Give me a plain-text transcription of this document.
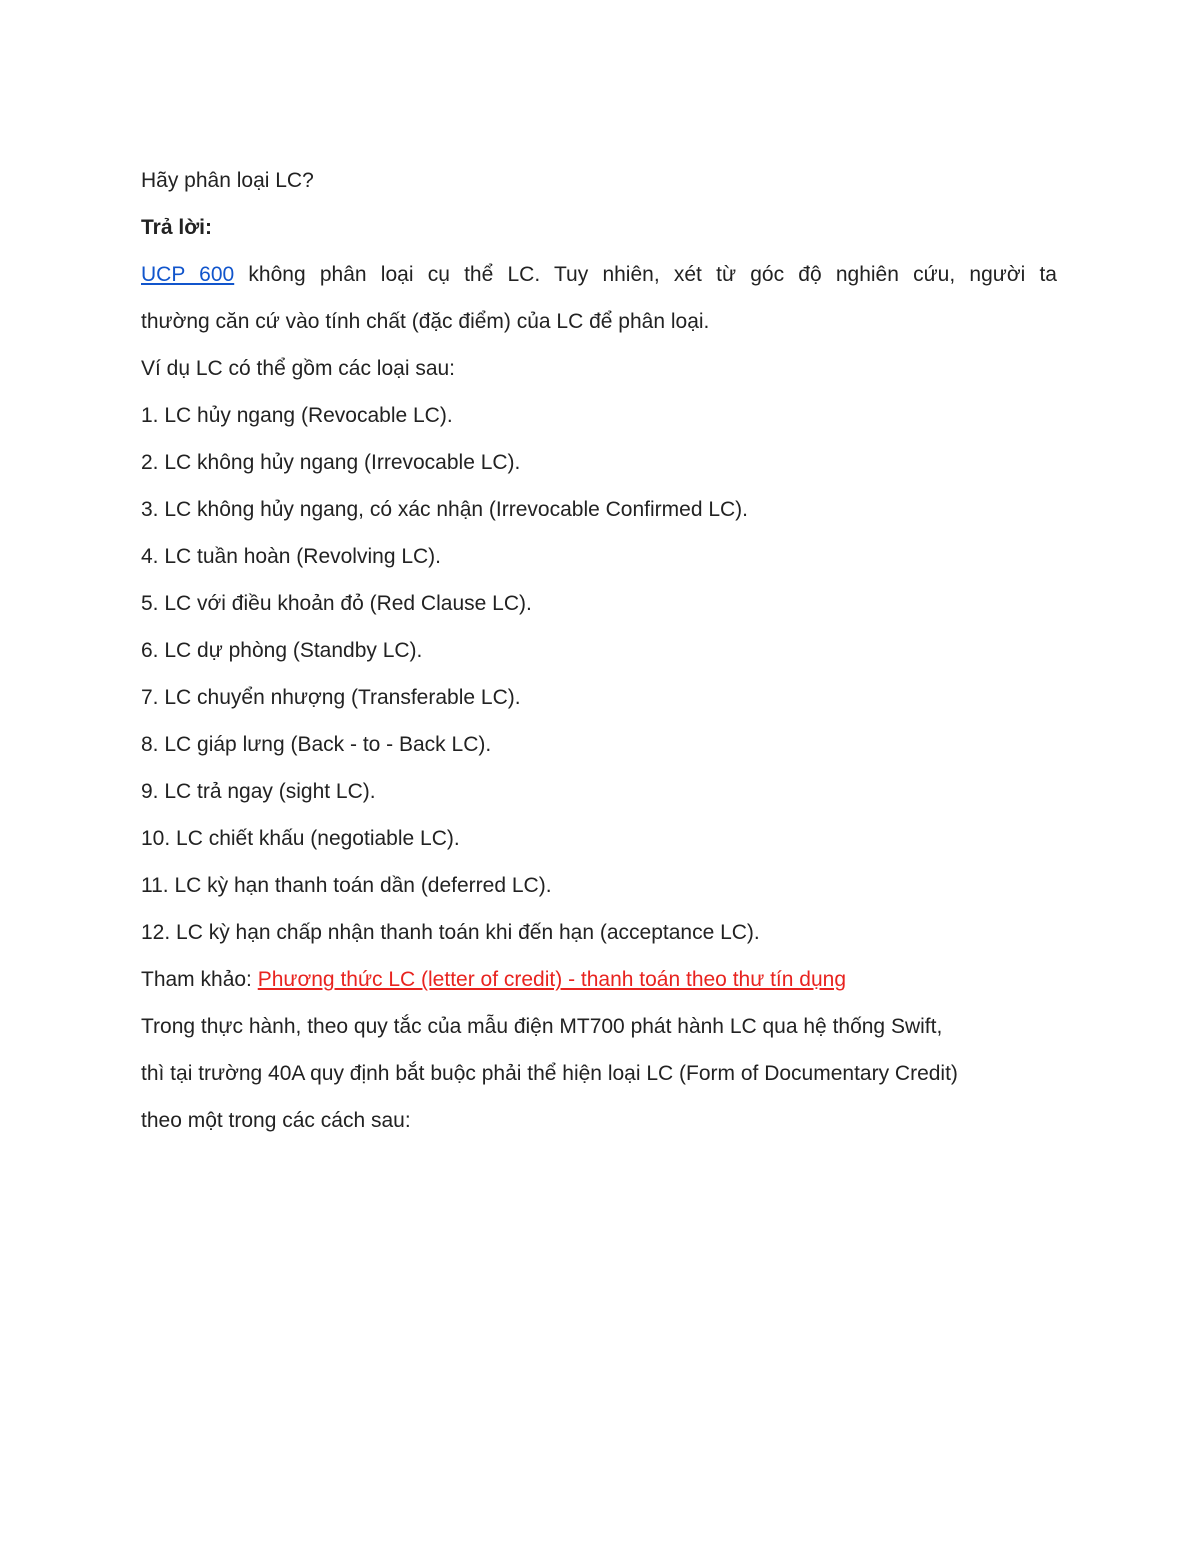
Hãy phân loại LC?

Trả lời:

UCP 600 không phân loại cụ thể LC. Tuy nhiên, xét từ góc độ nghiên cứu, người ta

thường căn cứ vào tính chất (đặc điểm) của LC để phân loại.

Ví dụ LC có thể gồm các loại sau:

1. LC hủy ngang (Revocable LC).

2. LC không hủy ngang (Irrevocable LC).

3. LC không hủy ngang, có xác nhận (Irrevocable Confirmed LC).

4. LC tuần hoàn (Revolving LC).

5. LC với điều khoản đỏ (Red Clause LC).

6. LC dự phòng (Standby LC).

7. LC chuyển nhượng (Transferable LC).

8. LC giáp lưng (Back - to - Back LC).

9. LC trả ngay (sight LC).

10. LC chiết khấu (negotiable LC).

11. LC kỳ hạn thanh toán dần (deferred LC).

12. LC kỳ hạn chấp nhận thanh toán khi đến hạn (acceptance LC).

Tham khảo: Phương thức LC (letter of credit) - thanh toán theo thư tín dụng

Trong thực hành, theo quy tắc của mẫu điện MT700 phát hành LC qua hệ thống Swift,

thì tại trường 40A quy định bắt buộc phải thể hiện loại LC (Form of Documentary Credit)

theo một trong các cách sau:
